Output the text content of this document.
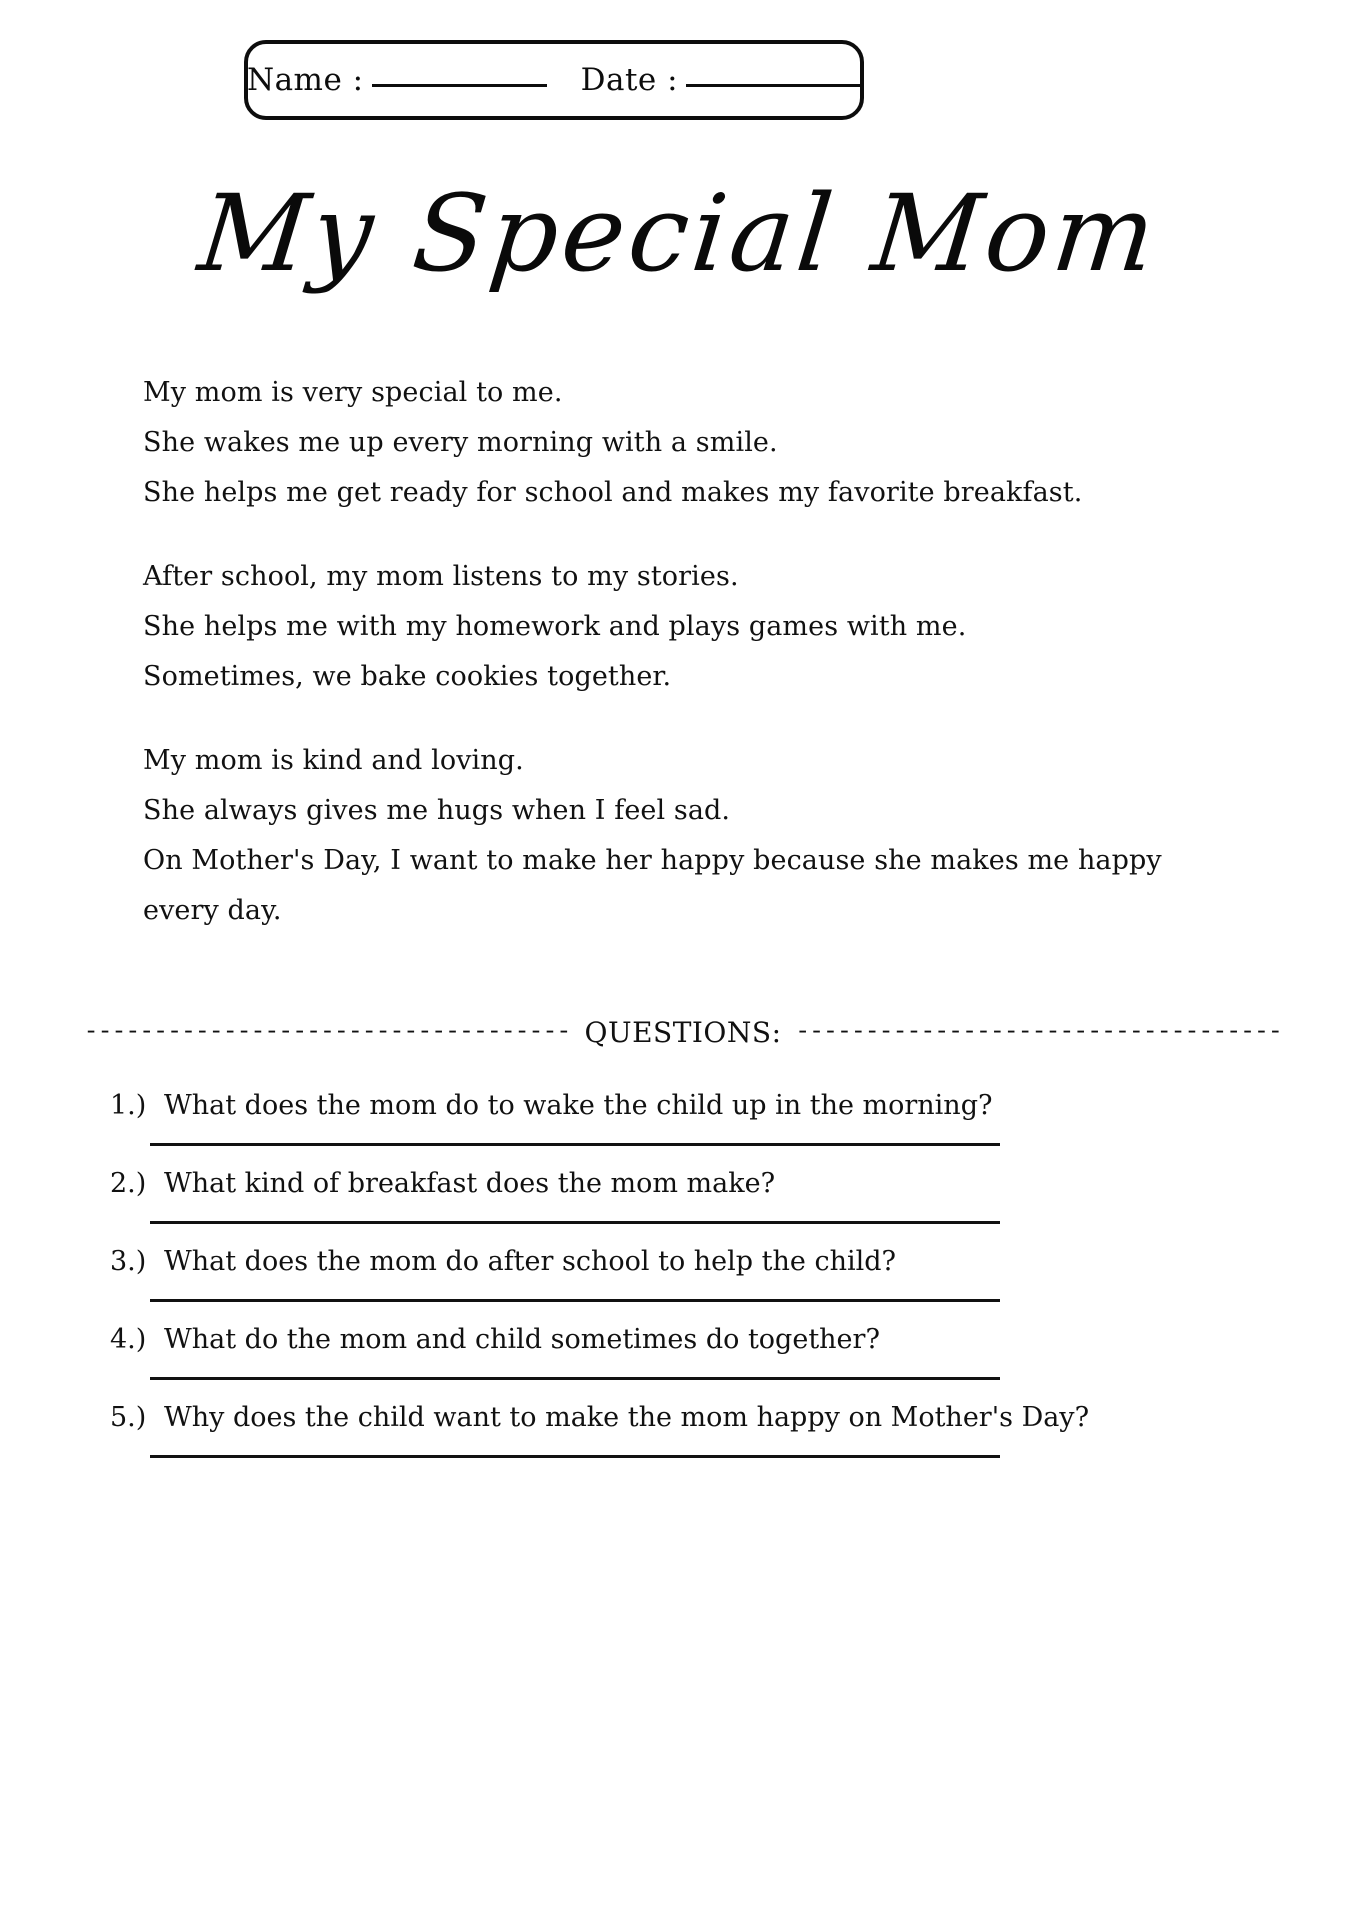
Name :	Date :
My Special Mom
My mom is very special to me.
She wakes me up every morning with a smile.
She helps me get ready for school and makes my favorite breakfast.
After school, my mom listens to my stories.
She helps me with my homework and plays games with me.
Sometimes, we bake cookies together.
My mom is kind and loving.
She always gives me hugs when I feel sad.
On Mother's Day, I want to make her happy because she makes me happy every day.
----------------------------------- QUESTIONS: -----------------------------------
1.) What does the mom do to wake the child up in the morning?
2.) What kind of breakfast does the mom make?
3.) What does the mom do after school to help the child?
4.) What do the mom and child sometimes do together?
5.) Why does the child want to make the mom happy on Mother's Day?
